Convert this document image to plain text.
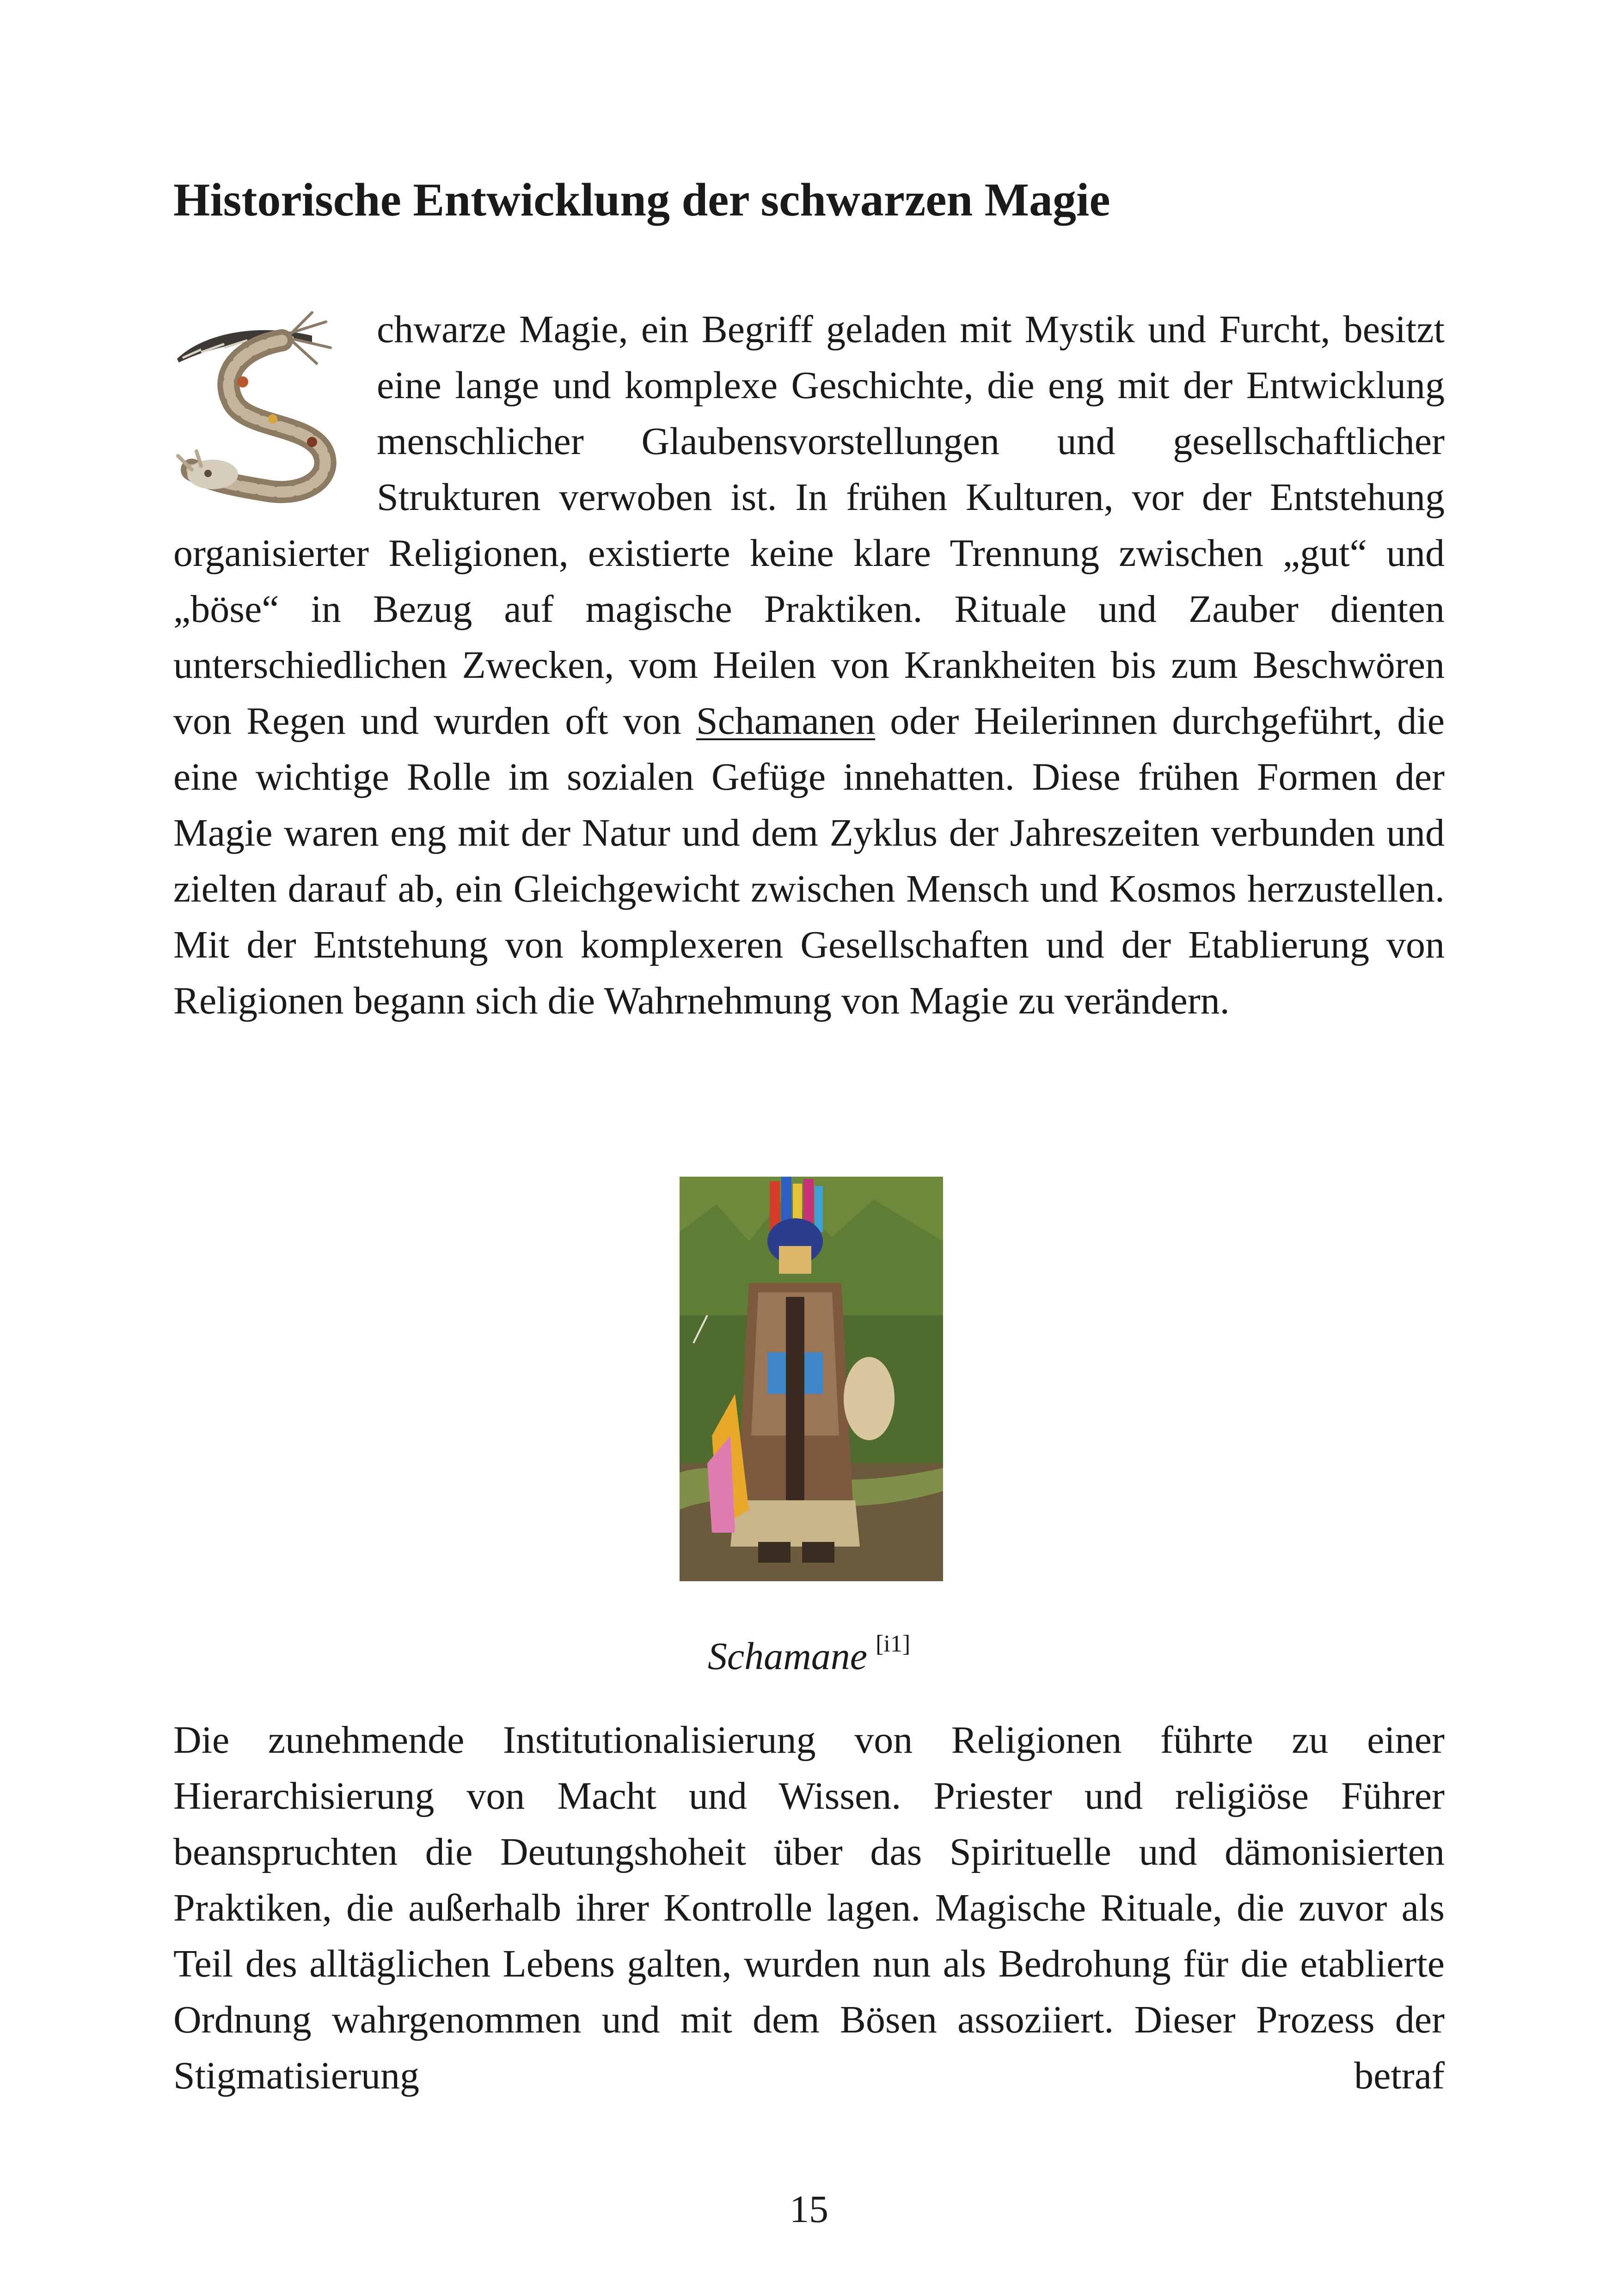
Historische Entwicklung der schwarzen Magie

chwarze Magie, ein Begriff geladen mit Mystik und Furcht, besitzt eine lange und komplexe Geschichte, die eng mit der Entwicklung menschlicher Glaubensvorstellungen und gesellschaftlicher Strukturen verwoben ist. In frühen Kulturen, vor der Entstehung organisierter Religionen, existierte keine klare Trennung zwischen „gut“ und „böse“ in Bezug auf magische Praktiken. Rituale und Zauber dienten unterschiedlichen Zwecken, vom Heilen von Krankheiten bis zum Beschwören von Regen und wurden oft von Schamanen oder Heilerinnen durchgeführt, die eine wichtige Rolle im sozialen Gefüge innehatten. Diese frühen Formen der Magie waren eng mit der Natur und dem Zyklus der Jahreszeiten verbunden und zielten darauf ab, ein Gleichgewicht zwischen Mensch und Kosmos herzustellen. Mit der Entstehung von komplexeren Gesellschaften und der Etablierung von Religionen begann sich die Wahrnehmung von Magie zu verändern.

Schamane [i1]

Die zunehmende Institutionalisierung von Religionen führte zu einer Hierarchisierung von Macht und Wissen. Priester und religiöse Führer beanspruchten die Deutungshoheit über das Spirituelle und dämonisierten Praktiken, die außerhalb ihrer Kontrolle lagen. Magische Rituale, die zuvor als Teil des alltäglichen Lebens galten, wurden nun als Bedrohung für die etablierte Ordnung wahrgenommen und mit dem Bösen assoziiert. Dieser Prozess der Stigmatisierung betraf

15
